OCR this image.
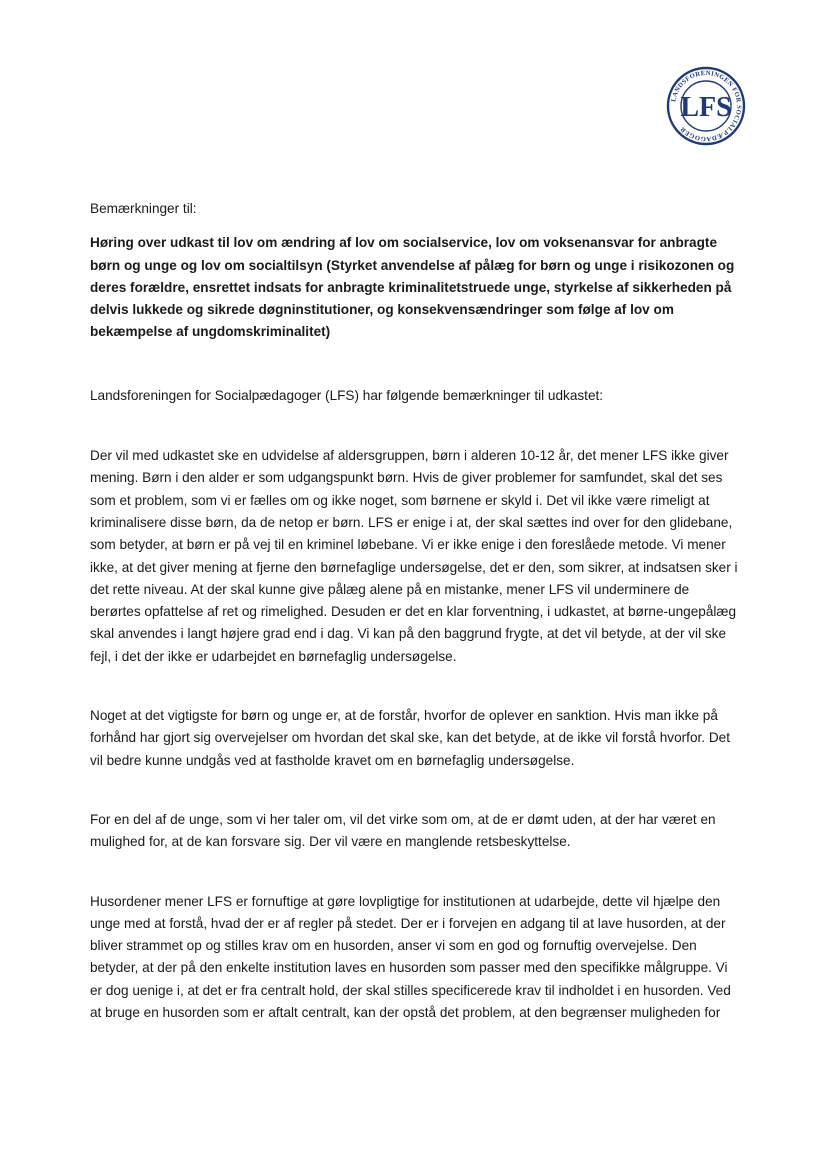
LANDSFORENINGEN FOR SOCIALPÆDAGOGER
LFS

Bemærkninger til:

Høring over udkast til lov om ændring af lov om socialservice, lov om voksenansvar for anbragte børn og unge og lov om socialtilsyn (Styrket anvendelse af pålæg for børn og unge i risikozonen og deres forældre, ensrettet indsats for anbragte kriminalitetstruede unge, styrkelse af sikkerheden på delvis lukkede og sikrede døgninstitutioner, og konsekvensændringer som følge af lov om bekæmpelse af ungdomskriminalitet)

Landsforeningen for Socialpædagoger (LFS) har følgende bemærkninger til udkastet:

Der vil med udkastet ske en udvidelse af aldersgruppen, børn i alderen 10-12 år, det mener LFS ikke giver mening. Børn i den alder er som udgangspunkt børn. Hvis de giver problemer for samfundet, skal det ses som et problem, som vi er fælles om og ikke noget, som børnene er skyld i. Det vil ikke være rimeligt at kriminalisere disse børn, da de netop er børn. LFS er enige i at, der skal sættes ind over for den glidebane, som betyder, at børn er på vej til en kriminel løbebane. Vi er ikke enige i den foreslåede metode. Vi mener ikke, at det giver mening at fjerne den børnefaglige undersøgelse, det er den, som sikrer, at indsatsen sker i det rette niveau. At der skal kunne give pålæg alene på en mistanke, mener LFS vil underminere de berørtes opfattelse af ret og rimelighed. Desuden er det en klar forventning, i udkastet, at børne-ungepålæg skal anvendes i langt højere grad end i dag. Vi kan på den baggrund frygte, at det vil betyde, at der vil ske fejl, i det der ikke er udarbejdet en børnefaglig undersøgelse.

Noget at det vigtigste for børn og unge er, at de forstår, hvorfor de oplever en sanktion. Hvis man ikke på forhånd har gjort sig overvejelser om hvordan det skal ske, kan det betyde, at de ikke vil forstå hvorfor. Det vil bedre kunne undgås ved at fastholde kravet om en børnefaglig undersøgelse.

For en del af de unge, som vi her taler om, vil det virke som om, at de er dømt uden, at der har været en mulighed for, at de kan forsvare sig. Der vil være en manglende retsbeskyttelse.

Husordener mener LFS er fornuftige at gøre lovpligtige for institutionen at udarbejde, dette vil hjælpe den unge med at forstå, hvad der er af regler på stedet. Der er i forvejen en adgang til at lave husorden, at der bliver strammet op og stilles krav om en husorden, anser vi som en god og fornuftig overvejelse. Den betyder, at der på den enkelte institution laves en husorden som passer med den specifikke målgruppe. Vi er dog uenige i, at det er fra centralt hold, der skal stilles specificerede krav til indholdet i en husorden. Ved at bruge en husorden som er aftalt centralt, kan der opstå det problem, at den begrænser muligheden for
